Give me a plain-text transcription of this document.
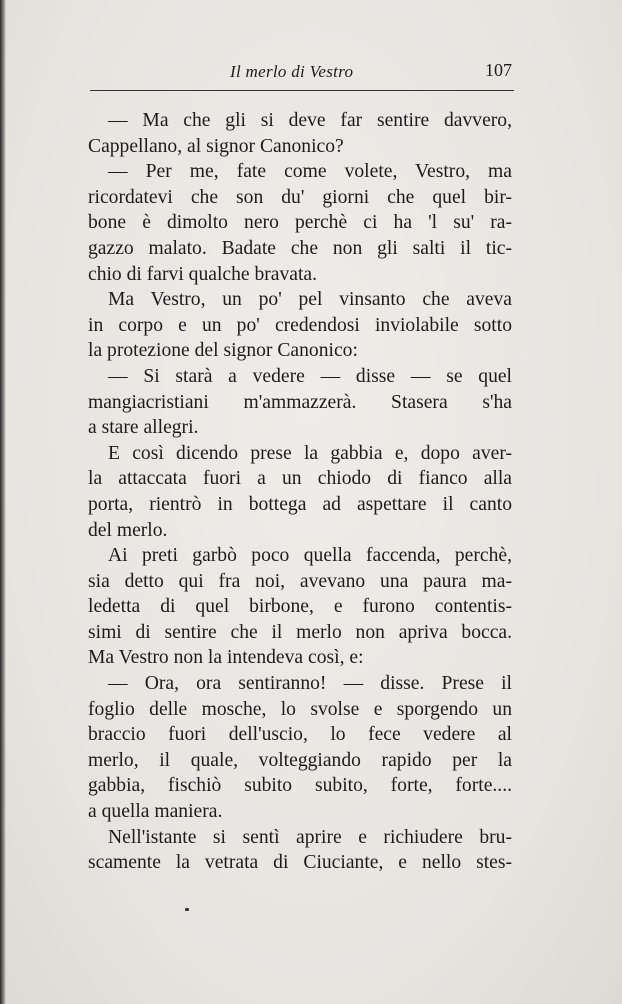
Il merlo di Vestro	107
— Ma che gli si deve far sentire davvero,
Cappellano, al signor Canonico?
— Per me, fate come volete, Vestro, ma
ricordatevi che son du' giorni che quel bir-
bone è dimolto nero perchè ci ha 'l su' ra-
gazzo malato. Badate che non gli salti il tic-
chio di farvi qualche bravata.
Ma Vestro, un po' pel vinsanto che aveva
in corpo e un po' credendosi inviolabile sotto
la protezione del signor Canonico:
— Si starà a vedere — disse — se quel
mangiacristiani m'ammazzerà. Stasera s'ha
a stare allegri.
E così dicendo prese la gabbia e, dopo aver-
la attaccata fuori a un chiodo di fianco alla
porta, rientrò in bottega ad aspettare il canto
del merlo.
Ai preti garbò poco quella faccenda, perchè,
sia detto qui fra noi, avevano una paura ma-
ledetta di quel birbone, e furono contentis-
simi di sentire che il merlo non apriva bocca.
Ma Vestro non la intendeva così, e:
— Ora, ora sentiranno! — disse. Prese il
foglio delle mosche, lo svolse e sporgendo un
braccio fuori dell'uscio, lo fece vedere al
merlo, il quale, volteggiando rapido per la
gabbia, fischiò subito subito, forte, forte....
a quella maniera.
Nell'istante si sentì aprire e richiudere bru-
scamente la vetrata di Ciuciante, e nello stes-
